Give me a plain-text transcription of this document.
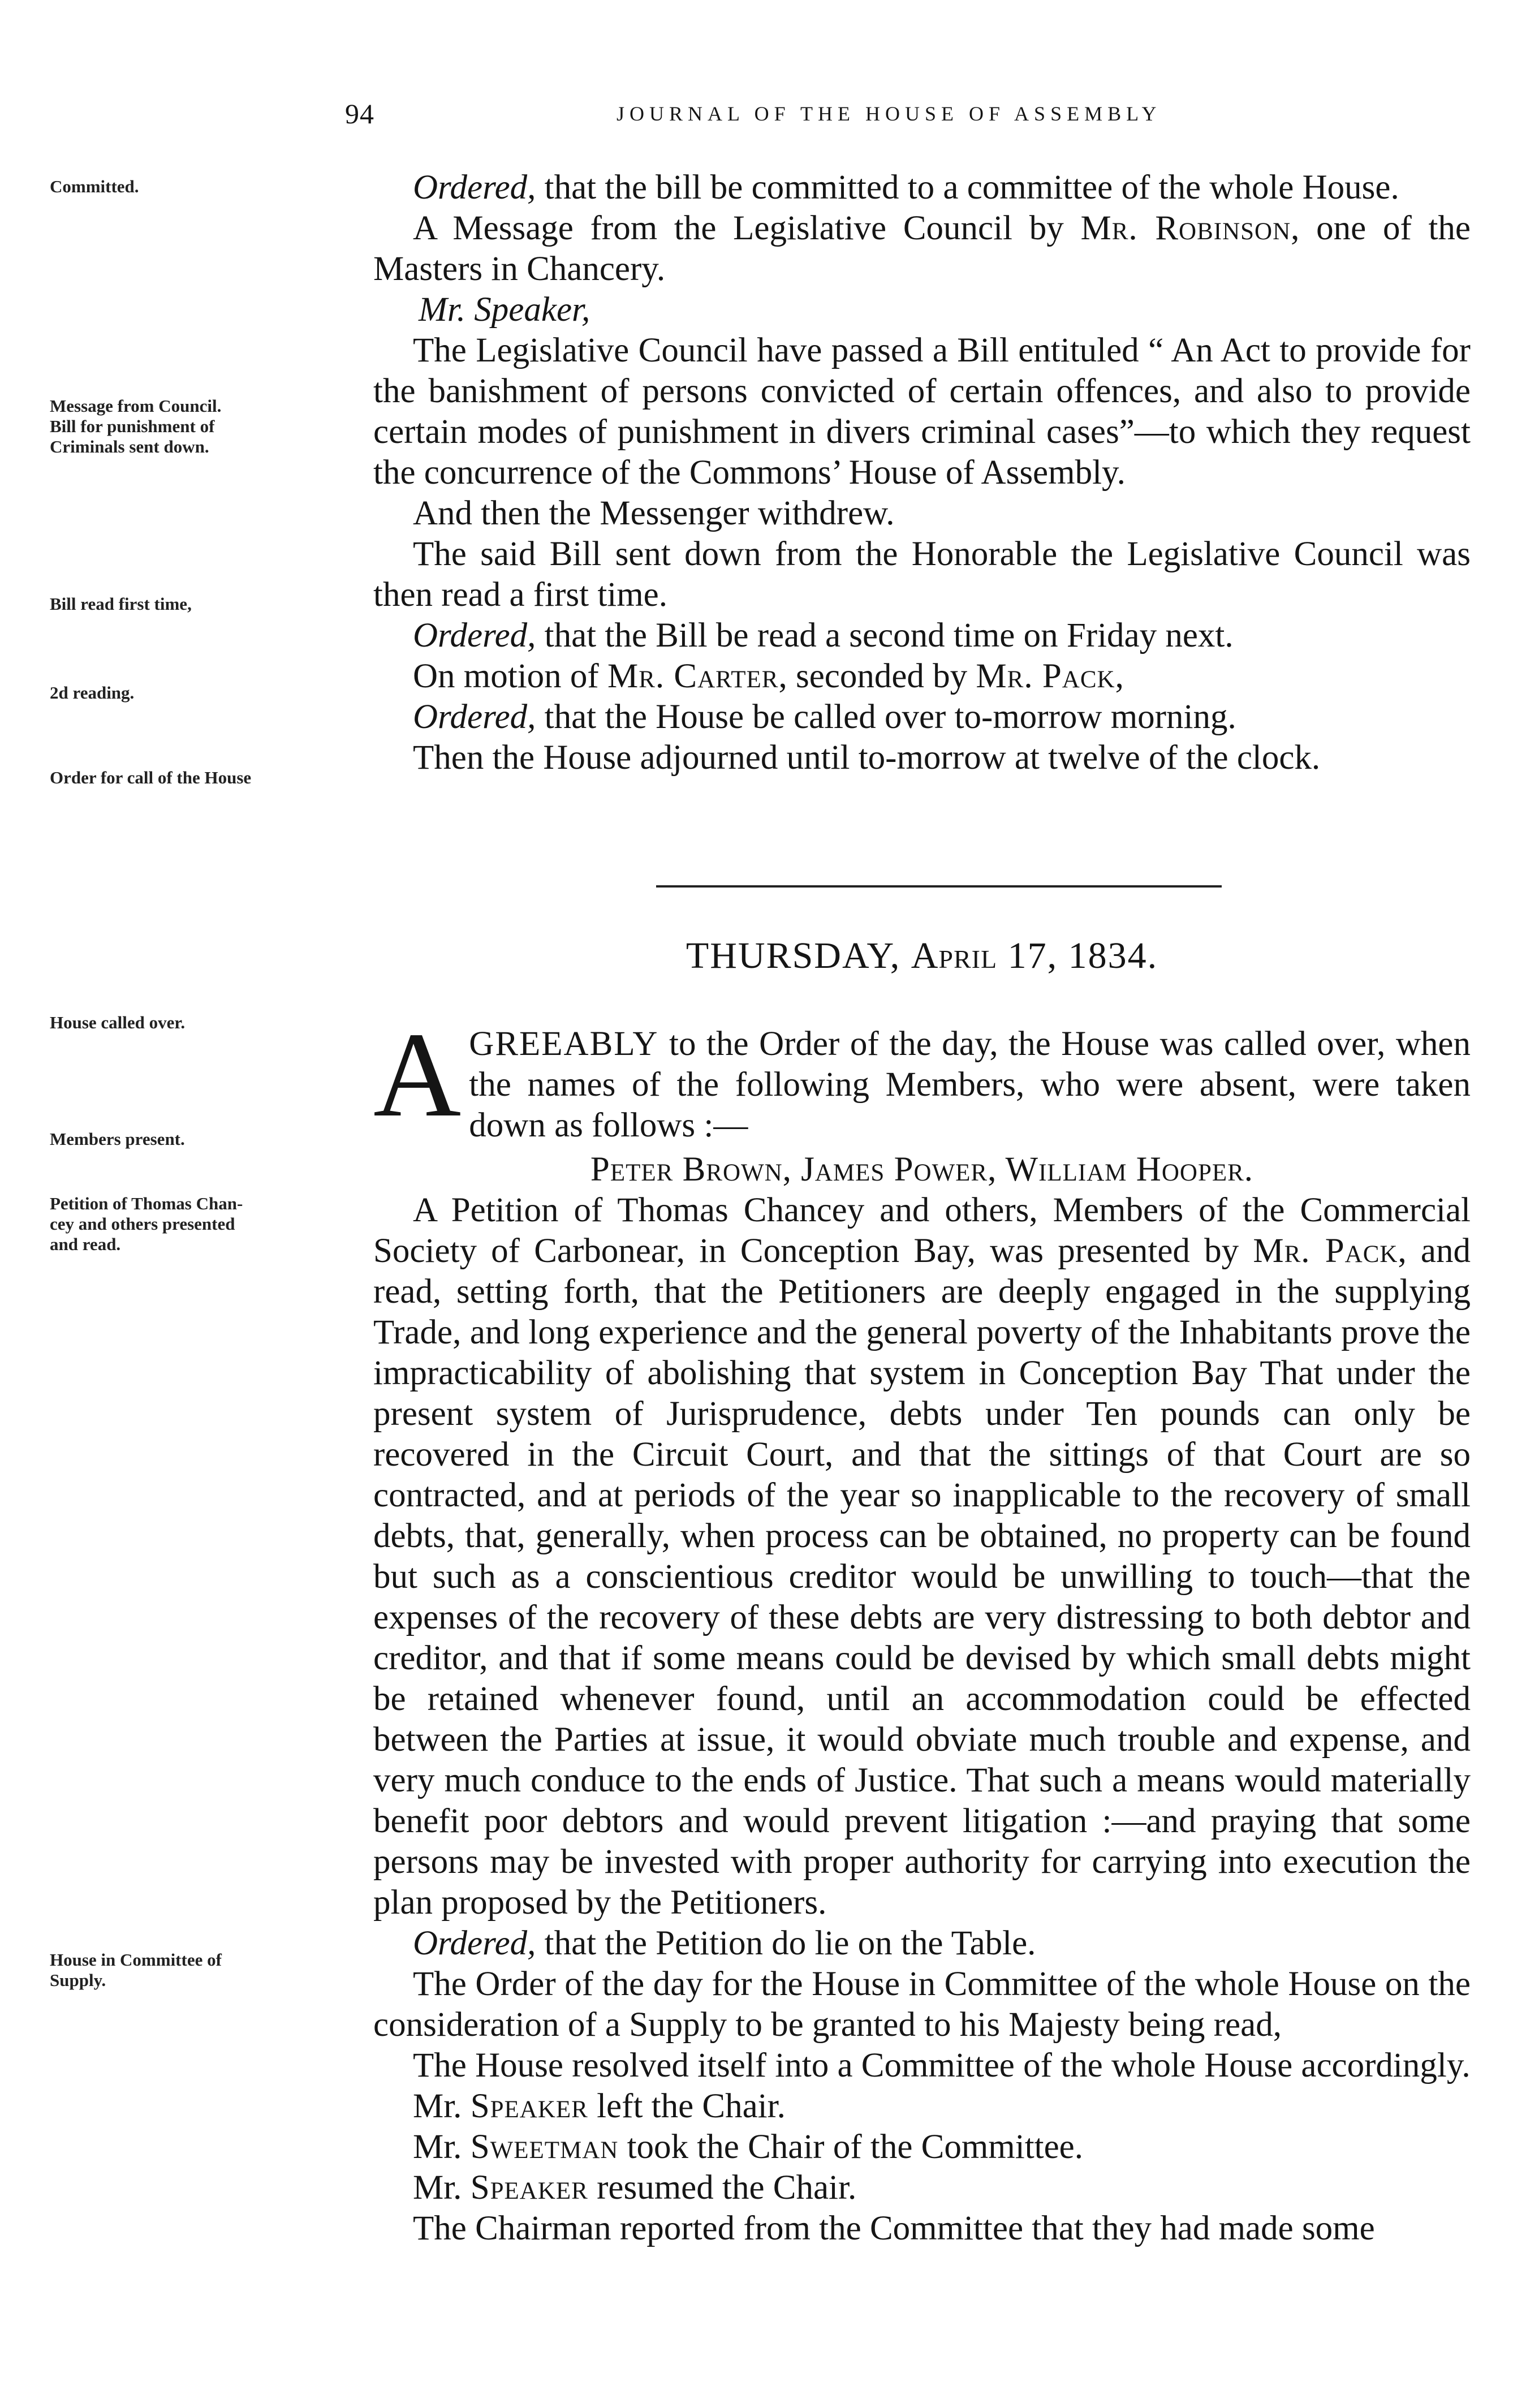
94	JOURNAL OF THE HOUSE OF ASSEMBLY
Committed.
Message from Council.
Bill for punishment of
Criminals sent down.
Bill read first time,
2d reading.
Order for call of the House
House called over.
Members present.
Petition of Thomas Chan-
cey and others presented
and read.
House in Committee of
Supply.

Ordered, that the bill be committed to a committee of the whole House.

A Message from the Legislative Council by Mr. Robinson, one of the Masters in Chancery.

Mr. Speaker,

The Legislative Council have passed a Bill entituled “ An Act to provide for the banishment of persons convicted of certain offences, and also to provide certain modes of punishment in divers criminal cases”—to which they request the concurrence of the Commons’ House of Assembly.

And then the Messenger withdrew.

The said Bill sent down from the Honorable the Legislative Council was then read a first time.

Ordered, that the Bill be read a second time on Friday next.

On motion of Mr. Carter, seconded by Mr. Pack,

Ordered, that the House be called over to-morrow morning.

Then the House adjourned until to-morrow at twelve of the clock.

THURSDAY, April 17, 1834.

AGREEABLY to the Order of the day, the House was called over, when the names of the following Members, who were absent, were taken down as follows :—

Peter Brown, James Power, William Hooper.

A Petition of Thomas Chancey and others, Members of the Commercial Society of Carbonear, in Conception Bay, was presented by Mr. Pack, and read, setting forth, that the Petitioners are deeply engaged in the supplying Trade, and long experience and the general poverty of the Inhabitants prove the impracticability of abolishing that system in Conception Bay That under the present system of Jurisprudence, debts under Ten pounds can only be recovered in the Circuit Court, and that the sittings of that Court are so contracted, and at periods of the year so inapplicable to the recovery of small debts, that, generally, when process can be obtained, no property can be found but such as a conscientious creditor would be unwilling to touch—that the expenses of the recovery of these debts are very distressing to both debtor and creditor, and that if some means could be devised by which small debts might be retained whenever found, until an accommodation could be effected between the Parties at issue, it would obviate much trouble and expense, and very much conduce to the ends of Justice. That such a means would materially benefit poor debtors and would prevent litigation :—and praying that some persons may be invested with proper authority for carrying into execution the plan proposed by the Petitioners.

Ordered, that the Petition do lie on the Table.

The Order of the day for the House in Committee of the whole House on the consideration of a Supply to be granted to his Majesty being read,

The House resolved itself into a Committee of the whole House accordingly.

Mr. Speaker left the Chair.

Mr. Sweetman took the Chair of the Committee.

Mr. Speaker resumed the Chair.

The Chairman reported from the Committee that they had made some
